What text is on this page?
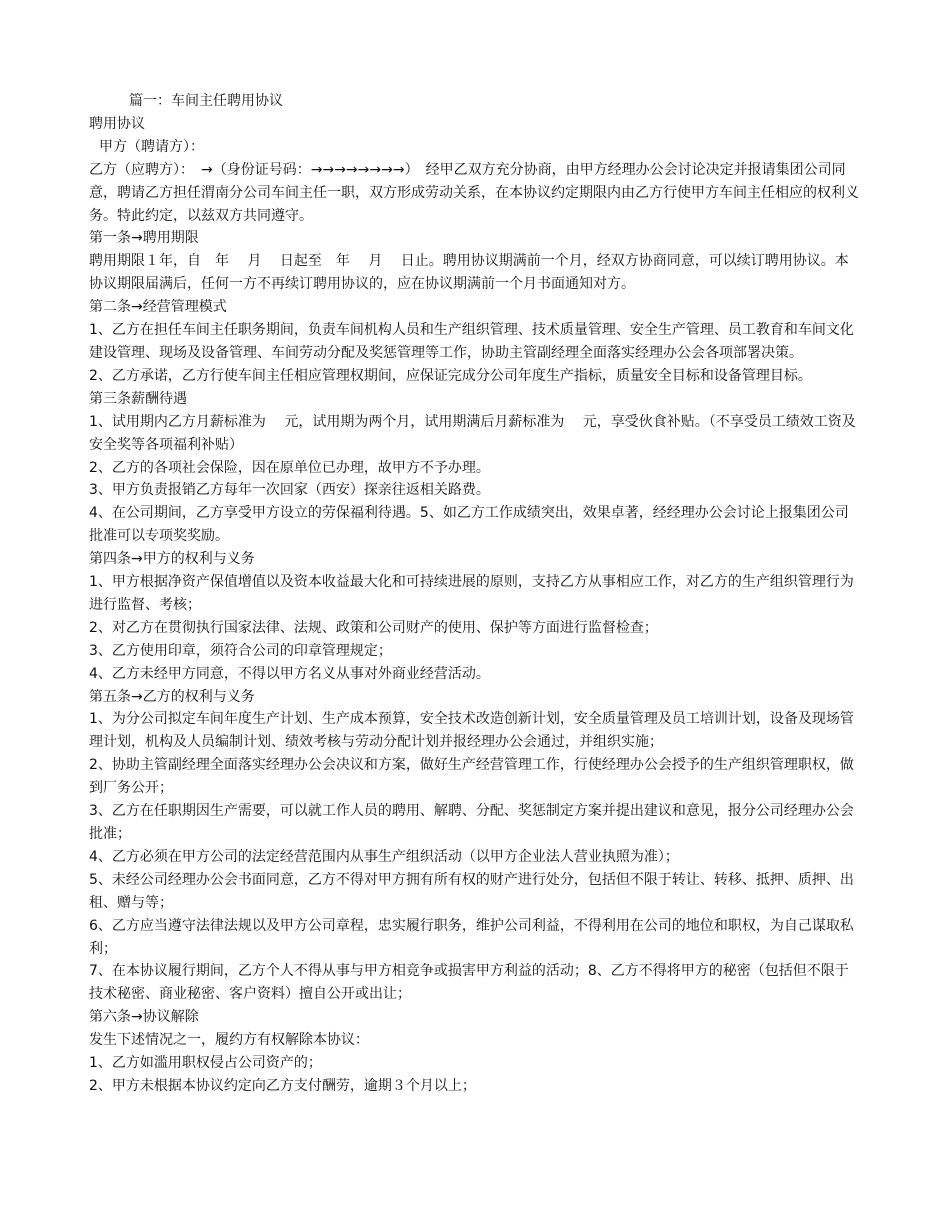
篇一：车间主任聘用协议

聘用协议

甲方（聘请方）：

乙方（应聘方）：　→（身份证号码：→→→→→→→→）　经甲乙双方充分协商，由甲方经理办公会讨论决定并报请集团公司同意，聘请乙方担任渭南分公司车间主任一职，双方形成劳动关系，在本协议约定期限内由乙方行使甲方车间主任相应的权利义务。特此约定，以兹双方共同遵守。

第一条→聘用期限

聘用期限１年，自　年　 月　 日起至　年　 月　 日止。聘用协议期满前一个月，经双方协商同意，可以续订聘用协议。本协议期限届满后，任何一方不再续订聘用协议的，应在协议期满前一个月书面通知对方。

第二条→经营管理模式

1、乙方在担任车间主任职务期间，负责车间机构人员和生产组织管理、技术质量管理、安全生产管理、员工教育和车间文化建设管理、现场及设备管理、车间劳动分配及奖惩管理等工作，协助主管副经理全面落实经理办公会各项部署决策。

2、乙方承诺，乙方行使车间主任相应管理权期间，应保证完成分公司年度生产指标，质量安全目标和设备管理目标。

第三条薪酬待遇

1、试用期内乙方月薪标准为　 元，试用期为两个月，试用期满后月薪标准为　 元，享受伙食补贴。（不享受员工绩效工资及安全奖等各项福利补贴）

2、乙方的各项社会保险，因在原单位已办理，故甲方不予办理。

3、甲方负责报销乙方每年一次回家（西安）探亲往返相关路费。

4、在公司期间，乙方享受甲方设立的劳保福利待遇。5、如乙方工作成绩突出，效果卓著，经经理办公会讨论上报集团公司批准可以专项奖奖励。

第四条→甲方的权利与义务

1、甲方根据净资产保值增值以及资本收益最大化和可持续进展的原则，支持乙方从事相应工作，对乙方的生产组织管理行为进行监督、考核；

2、对乙方在贯彻执行国家法律、法规、政策和公司财产的使用、保护等方面进行监督检查；

3、乙方使用印章，须符合公司的印章管理规定；

4、乙方未经甲方同意，不得以甲方名义从事对外商业经营活动。

第五条→乙方的权利与义务

1、为分公司拟定车间年度生产计划、生产成本预算，安全技术改造创新计划，安全质量管理及员工培训计划，设备及现场管理计划，机构及人员编制计划、绩效考核与劳动分配计划并报经理办公会通过，并组织实施；

2、协助主管副经理全面落实经理办公会决议和方案，做好生产经营管理工作，行使经理办公会授予的生产组织管理职权，做到厂务公开；

3、乙方在任职期因生产需要，可以就工作人员的聘用、解聘、分配、奖惩制定方案并提出建议和意见，报分公司经理办公会批准；

4、乙方必须在甲方公司的法定经营范围内从事生产组织活动（以甲方企业法人营业执照为准）；

5、未经公司经理办公会书面同意，乙方不得对甲方拥有所有权的财产进行处分，包括但不限于转让、转移、抵押、质押、出租、赠与等；

6、乙方应当遵守法律法规以及甲方公司章程，忠实履行职务，维护公司利益，不得利用在公司的地位和职权，为自己谋取私利；

7、在本协议履行期间，乙方个人不得从事与甲方相竞争或损害甲方利益的活动；8、乙方不得将甲方的秘密（包括但不限于技术秘密、商业秘密、客户资料）擅自公开或出让；

第六条→协议解除

发生下述情况之一，履约方有权解除本协议：

1、乙方如滥用职权侵占公司资产的；

2、甲方未根据本协议约定向乙方支付酬劳，逾期３个月以上；
